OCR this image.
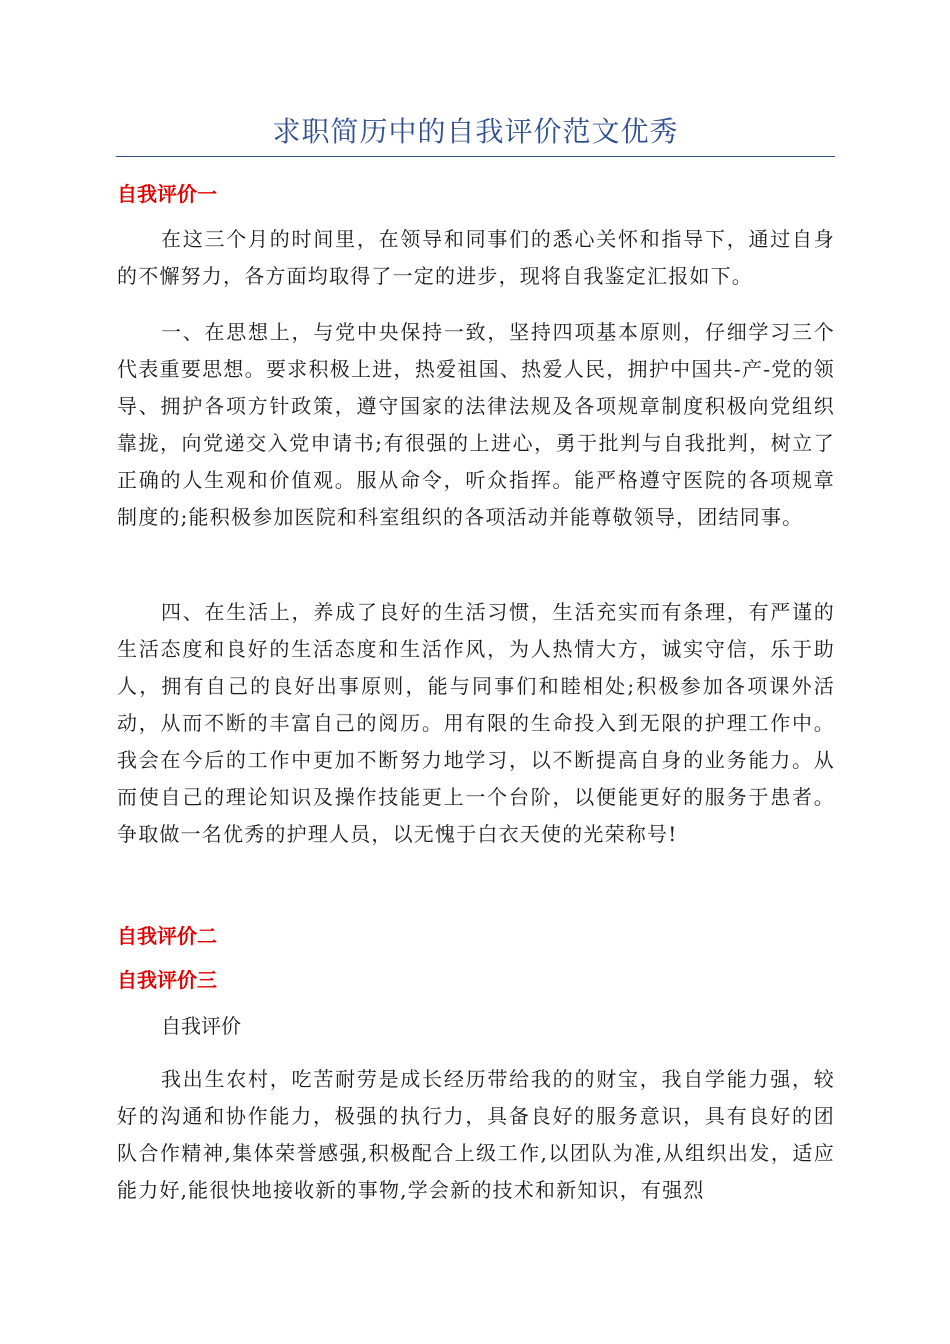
求职简历中的自我评价范文优秀
自我评价一

在这三个月的时间里，在领导和同事们的悉心关怀和指导下，通过自身的不懈努力，各方面均取得了一定的进步，现将自我鉴定汇报如下。

一、在思想上，与党中央保持一致，坚持四项基本原则，仔细学习三个代表重要思想。要求积极上进，热爱祖国、热爱人民，拥护中国共-产-党的领导、拥护各项方针政策，遵守国家的法律法规及各项规章制度积极向党组织靠拢，向党递交入党申请书;有很强的上进心，勇于批判与自我批判，树立了正确的人生观和价值观。服从命令，听众指挥。能严格遵守医院的各项规章制度的;能积极参加医院和科室组织的各项活动并能尊敬领导，团结同事。

四、在生活上，养成了良好的生活习惯，生活充实而有条理，有严谨的生活态度和良好的生活态度和生活作风，为人热情大方，诚实守信，乐于助人，拥有自己的良好出事原则，能与同事们和睦相处;积极参加各项课外活动，从而不断的丰富自己的阅历。用有限的生命投入到无限的护理工作中。我会在今后的工作中更加不断努力地学习，以不断提高自身的业务能力。从而使自己的理论知识及操作技能更上一个台阶，以便能更好的服务于患者。争取做一名优秀的护理人员，以无愧于白衣天使的光荣称号!

自我评价二
自我评价三

自我评价

我出生农村，吃苦耐劳是成长经历带给我的的财宝，我自学能力强，较好的沟通和协作能力，极强的执行力，具备良好的服务意识，具有良好的团队合作精神,集体荣誉感强,积极配合上级工作,以团队为准,从组织出发，适应能力好,能很快地接收新的事物,学会新的技术和新知识，有强烈
